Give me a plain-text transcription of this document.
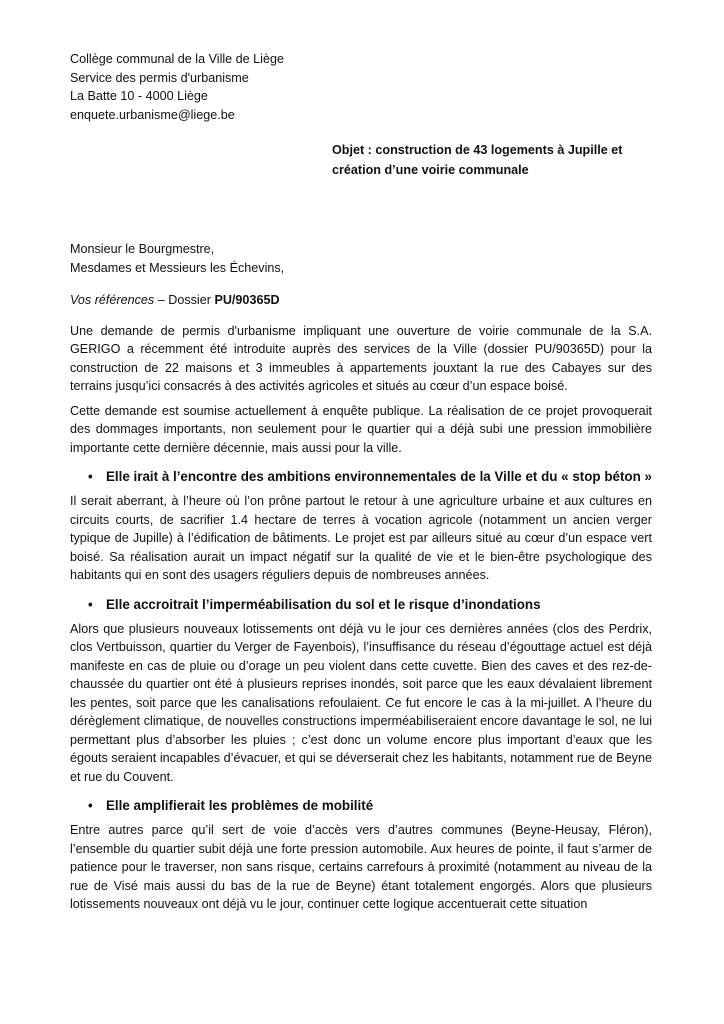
Collège communal de la Ville de Liège
Service des permis d'urbanisme
La Batte 10 - 4000 Liège
enquete.urbanisme@liege.be
Objet : construction de 43 logements à Jupille et
création d’une voirie communale
Monsieur le Bourgmestre,
Mesdames et Messieurs les Échevins,
Vos références – Dossier PU/90365D

Une demande de permis d'urbanisme impliquant une ouverture de voirie communale de la S.A. GERIGO a récemment été introduite auprès des services de la Ville (dossier PU/90365D) pour la construction de 22 maisons et 3 immeubles à appartements jouxtant la rue des Cabayes sur des terrains jusqu’ici consacrés à des activités agricoles et situés au cœur d’un espace boisé.

Cette demande est soumise actuellement à enquête publique. La réalisation de ce projet provoquerait des dommages importants, non seulement pour le quartier qui a déjà subi une pression immobilière importante cette dernière décennie, mais aussi pour la ville.

• Elle irait à l’encontre des ambitions environnementales de la Ville et du « stop béton »

Il serait aberrant, à l’heure où l’on prône partout le retour à une agriculture urbaine et aux cultures en circuits courts, de sacrifier 1.4 hectare de terres à vocation agricole (notamment un ancien verger typique de Jupille) à l’édification de bâtiments. Le projet est par ailleurs situé au cœur d’un espace vert boisé. Sa réalisation aurait un impact négatif sur la qualité de vie et le bien-être psychologique des habitants qui en sont des usagers réguliers depuis de nombreuses années.

• Elle accroitrait l’imperméabilisation du sol et le risque d’inondations

Alors que plusieurs nouveaux lotissements ont déjà vu le jour ces dernières années (clos des Perdrix, clos Vertbuisson, quartier du Verger de Fayenbois), l’insuffisance du réseau d’égouttage actuel est déjà manifeste en cas de pluie ou d’orage un peu violent dans cette cuvette. Bien des caves et des rez-de-chaussée du quartier ont été à plusieurs reprises inondés, soit parce que les eaux dévalaient librement les pentes, soit parce que les canalisations refoulaient. Ce fut encore le cas à la mi-juillet. A l’heure du dérèglement climatique, de nouvelles constructions imperméabiliseraient encore davantage le sol, ne lui permettant plus d’absorber les pluies ; c’est donc un volume encore plus important d’eaux que les égouts seraient incapables d’évacuer, et qui se déverserait chez les habitants, notamment rue de Beyne et rue du Couvent.

• Elle amplifierait les problèmes de mobilité

Entre autres parce qu’il sert de voie d’accès vers d’autres communes (Beyne-Heusay, Fléron), l’ensemble du quartier subit déjà une forte pression automobile. Aux heures de pointe, il faut s’armer de patience pour le traverser, non sans risque, certains carrefours à proximité (notamment au niveau de la rue de Visé mais aussi du bas de la rue de Beyne) étant totalement engorgés. Alors que plusieurs lotissements nouveaux ont déjà vu le jour, continuer cette logique accentuerait cette situation
